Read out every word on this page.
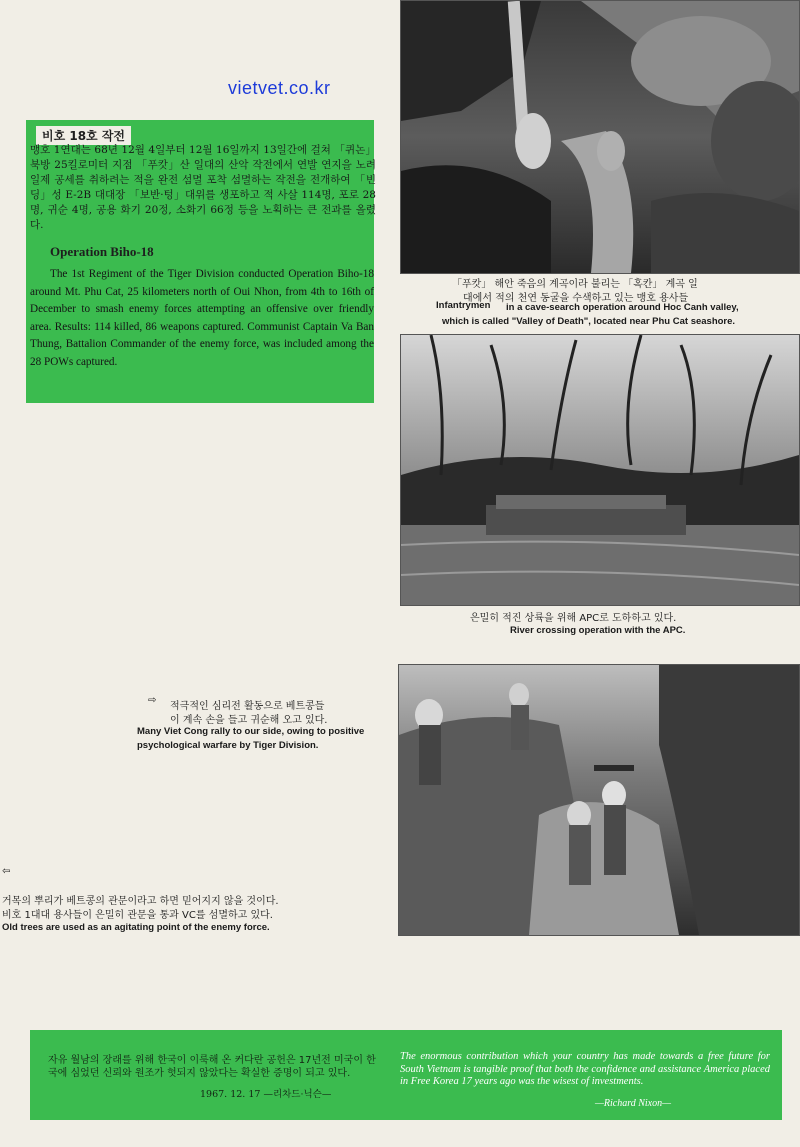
vietvet.co.kr
비호 18호 작전
맹호 1연대는 68년 12월 4일부터 12월 16일까지 13일간에 걸쳐 「퀴논」북방 25킬로미터 지점 「푸캇」산 일대의 산악 작전에서 연발 연지을 노려 일제 공세를 취하려는 적을 완전 섬멸 포착 섬멸하는 작전을 전개하여 「빈딩」성 E-2B 대대장 「보반·텅」대위를 생포하고 적 사살 114명, 포로 28명, 귀순 4명, 공용 화기 20정, 소화기 66정 등을 노획하는 큰 전과를 올렸다.
Operation Biho-18
The 1st Regiment of the Tiger Division conducted Operation Biho-18 around Mt. Phu Cat, 25 kilometers north of Oui Nhon, from 4th to 16th of December to smash enemy forces attempting an offensive over friendly area. Results: 114 killed, 86 weapons captured. Communist Captain Va Ban Thung, Battalion Commander of the enemy force, was included among the 28 POWs captured.
「푸캇」 해안 죽음의 계곡이라 불리는 「혹칸」 계곡 일
대에서 적의 천연 동굴을 수색하고 있는 맹호 용사들
Infantrymen in a cave-search operation around Hoc Canh valley,
which is called "Valley of Death", located near Phu Cat seashore.
은밀히 적진 상륙을 위해 APC로 도하하고 있다.
River crossing operation with the APC.
⇨
적극적인 심리전 활동으로 베트콩들
이 계속 손을 들고 귀순해 오고 있다.
Many Viet Cong rally to our side, owing to positive
psychological warfare by Tiger Division.
⇦
거목의 뿌리가 베트콩의 관문이라고 하면 믿어지지 않을 것이다.
비호 1대대 용사들이 은밀히 관문을 통과 VC를 섬멸하고 있다.
Old trees are used as an agitating point of the enemy force.
자유 월남의 장래를 위해 한국이 이룩해 온 커다란 공헌은 17년전 미국이 한국에 심었던 신뢰와 원조가 헛되지 않았다는 확실한 증명이 되고 있다.
1967. 12. 17 —리차드·닉슨—
The enormous contribution which your country has made towards a free future for South Vietnam is tangible proof that both the confidence and assistance America placed in Free Korea 17 years ago was the wisest of investments.
—Richard Nixon—
